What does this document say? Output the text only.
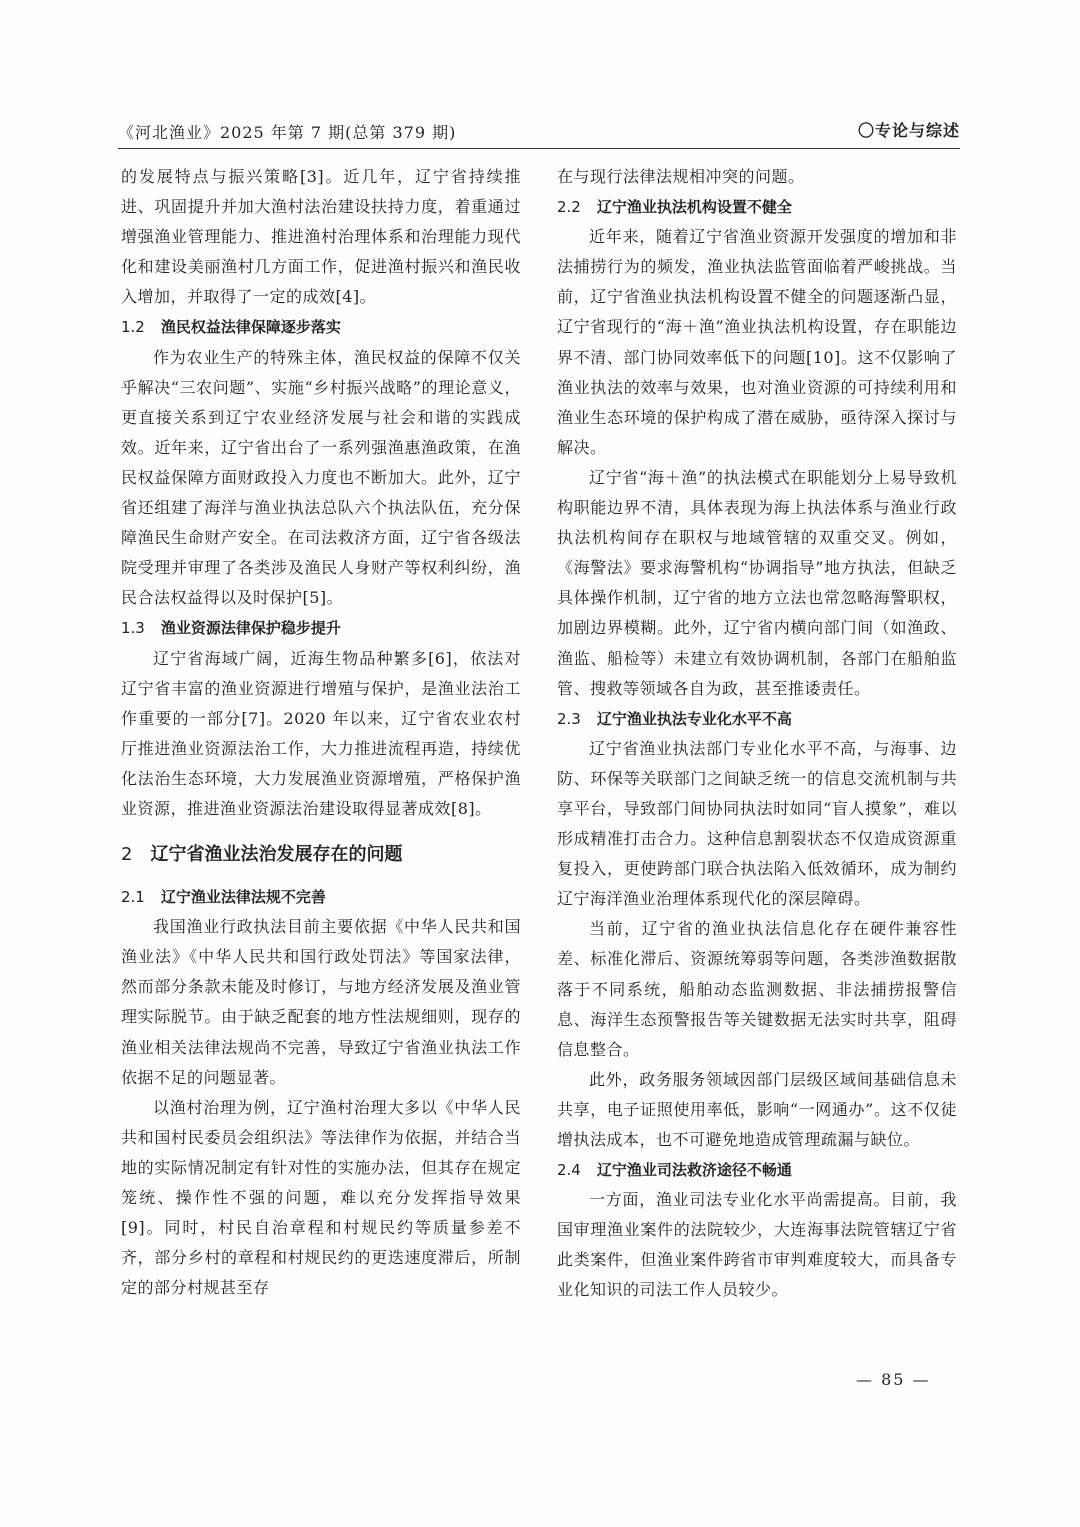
《河北渔业》2025 年第 7 期(总第 379 期)	〇专论与综述

的发展特点与振兴策略[3]。近几年，辽宁省持续推进、巩固提升并加大渔村法治建设扶持力度，着重通过增强渔业管理能力、推进渔村治理体系和治理能力现代化和建设美丽渔村几方面工作，促进渔村振兴和渔民收入增加，并取得了一定的成效[4]。

1.2 渔民权益法律保障逐步落实

作为农业生产的特殊主体，渔民权益的保障不仅关乎解决“三农问题”、实施“乡村振兴战略”的理论意义，更直接关系到辽宁农业经济发展与社会和谐的实践成效。近年来，辽宁省出台了一系列强渔惠渔政策，在渔民权益保障方面财政投入力度也不断加大。此外，辽宁省还组建了海洋与渔业执法总队六个执法队伍，充分保障渔民生命财产安全。在司法救济方面，辽宁省各级法院受理并审理了各类涉及渔民人身财产等权利纠纷，渔民合法权益得以及时保护[5]。

1.3 渔业资源法律保护稳步提升

辽宁省海域广阔，近海生物品种繁多[6]，依法对辽宁省丰富的渔业资源进行增殖与保护，是渔业法治工作重要的一部分[7]。2020 年以来，辽宁省农业农村厅推进渔业资源法治工作，大力推进流程再造，持续优化法治生态环境，大力发展渔业资源增殖，严格保护渔业资源，推进渔业资源法治建设取得显著成效[8]。

2 辽宁省渔业法治发展存在的问题
2.1 辽宁渔业法律法规不完善

我国渔业行政执法目前主要依据《中华人民共和国渔业法》《中华人民共和国行政处罚法》等国家法律，然而部分条款未能及时修订，与地方经济发展及渔业管理实际脱节。由于缺乏配套的地方性法规细则，现存的渔业相关法律法规尚不完善，导致辽宁省渔业执法工作依据不足的问题显著。

以渔村治理为例，辽宁渔村治理大多以《中华人民共和国村民委员会组织法》等法律作为依据，并结合当地的实际情况制定有针对性的实施办法，但其存在规定笼统、操作性不强的问题，难以充分发挥指导效果[9]。同时，村民自治章程和村规民约等质量参差不齐，部分乡村的章程和村规民约的更迭速度滞后，所制定的部分村规甚至存

在与现行法律法规相冲突的问题。

2.2 辽宁渔业执法机构设置不健全

近年来，随着辽宁省渔业资源开发强度的增加和非法捕捞行为的频发，渔业执法监管面临着严峻挑战。当前，辽宁省渔业执法机构设置不健全的问题逐渐凸显，辽宁省现行的“海＋渔”渔业执法机构设置，存在职能边界不清、部门协同效率低下的问题[10]。这不仅影响了渔业执法的效率与效果，也对渔业资源的可持续利用和渔业生态环境的保护构成了潜在威胁，亟待深入探讨与解决。

辽宁省“海＋渔”的执法模式在职能划分上易导致机构职能边界不清，具体表现为海上执法体系与渔业行政执法机构间存在职权与地域管辖的双重交叉。例如，《海警法》要求海警机构“协调指导”地方执法，但缺乏具体操作机制，辽宁省的地方立法也常忽略海警职权，加剧边界模糊。此外，辽宁省内横向部门间（如渔政、渔监、船检等）未建立有效协调机制，各部门在船舶监管、搜救等领域各自为政，甚至推诿责任。

2.3 辽宁渔业执法专业化水平不高

辽宁省渔业执法部门专业化水平不高，与海事、边防、环保等关联部门之间缺乏统一的信息交流机制与共享平台，导致部门间协同执法时如同“盲人摸象”，难以形成精准打击合力。这种信息割裂状态不仅造成资源重复投入，更使跨部门联合执法陷入低效循环，成为制约辽宁海洋渔业治理体系现代化的深层障碍。

当前，辽宁省的渔业执法信息化存在硬件兼容性差、标准化滞后、资源统筹弱等问题，各类涉渔数据散落于不同系统，船舶动态监测数据、非法捕捞报警信息、海洋生态预警报告等关键数据无法实时共享，阻碍信息整合。

此外，政务服务领域因部门层级区域间基础信息未共享，电子证照使用率低，影响“一网通办”。这不仅徒增执法成本，也不可避免地造成管理疏漏与缺位。

2.4 辽宁渔业司法救济途径不畅通

一方面，渔业司法专业化水平尚需提高。目前，我国审理渔业案件的法院较少，大连海事法院管辖辽宁省此类案件，但渔业案件跨省市审判难度较大，而具备专业化知识的司法工作人员较少。

— 85 —
